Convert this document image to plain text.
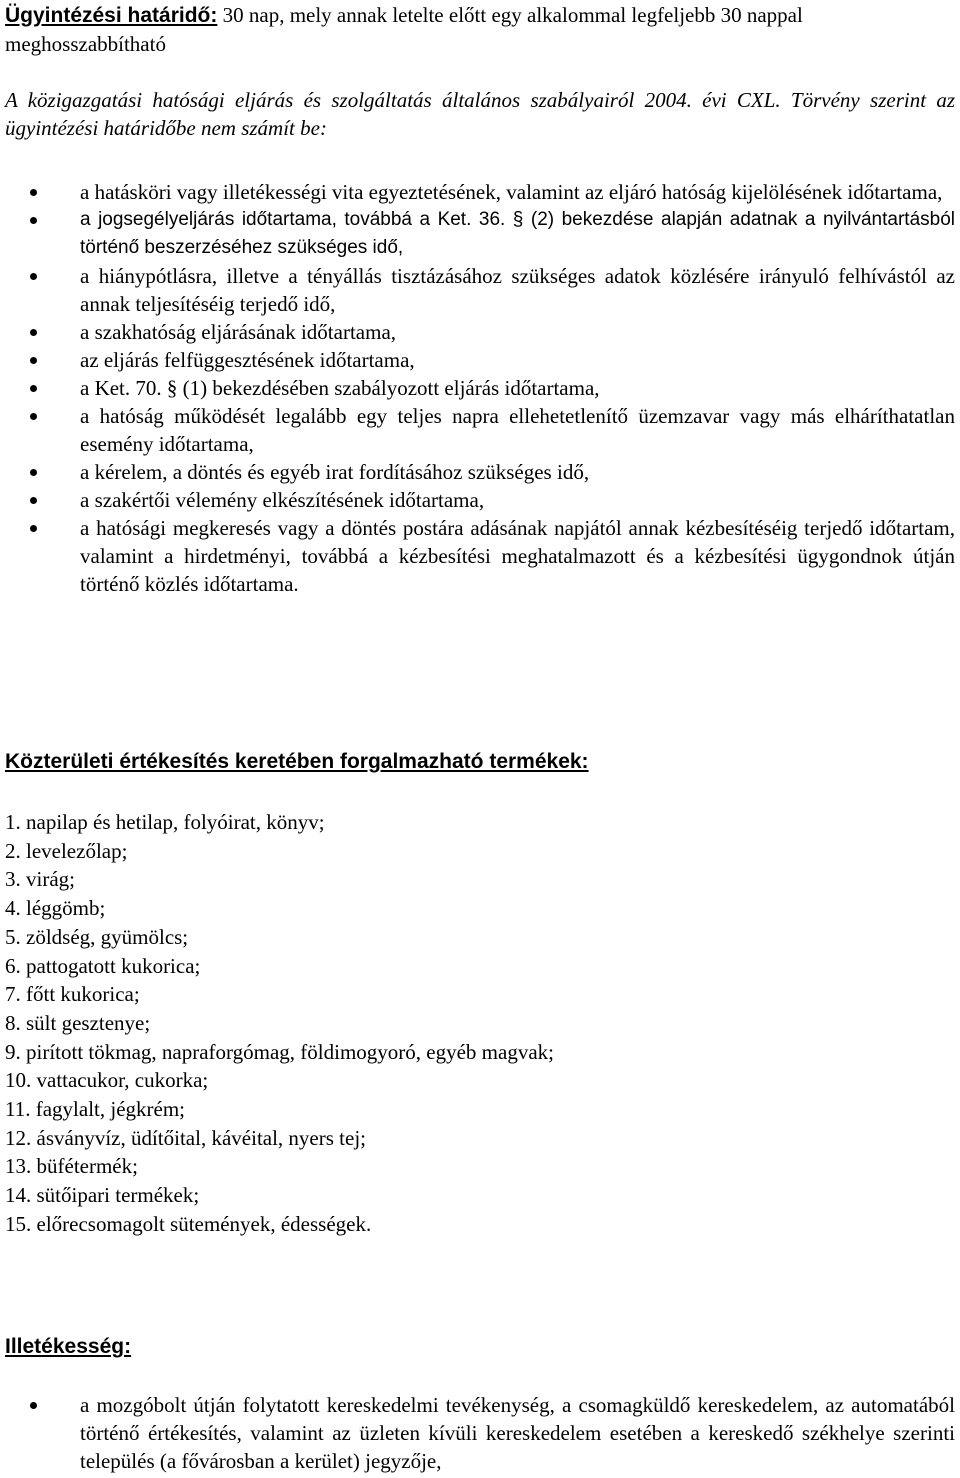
Ügyintézési határidő: 30 nap, mely annak letelte előtt egy alkalommal legfeljebb 30 nappal meghosszabbítható

A közigazgatási hatósági eljárás és szolgáltatás általános szabályairól 2004. évi CXL. Törvény szerint az ügyintézési határidőbe nem számít be:

a hatásköri vagy illetékességi vita egyeztetésének, valamint az eljáró hatóság kijelölésének időtartama,
a jogsegélyeljárás időtartama, továbbá a Ket. 36. § (2) bekezdése alapján adatnak a nyilvántartásból történő beszerzéséhez szükséges idő,
a hiánypótlásra, illetve a tényállás tisztázásához szükséges adatok közlésére irányuló felhívástól az annak teljesítéséig terjedő idő,
a szakhatóság eljárásának időtartama,
az eljárás felfüggesztésének időtartama,
a Ket. 70. § (1) bekezdésében szabályozott eljárás időtartama,
a hatóság működését legalább egy teljes napra ellehetetlenítő üzemzavar vagy más elháríthatatlan esemény időtartama,
a kérelem, a döntés és egyéb irat fordításához szükséges idő,
a szakértői vélemény elkészítésének időtartama,
a hatósági megkeresés vagy a döntés postára adásának napjától annak kézbesítéséig terjedő időtartam, valamint a hirdetményi, továbbá a kézbesítési meghatalmazott és a kézbesítési ügygondnok útján történő közlés időtartama.

Közterületi értékesítés keretében forgalmazható termékek:

1. napilap és hetilap, folyóirat, könyv;
2. levelezőlap;
3. virág;
4. léggömb;
5. zöldség, gyümölcs;
6. pattogatott kukorica;
7. főtt kukorica;
8. sült gesztenye;
9. pirított tökmag, napraforgómag, földimogyoró, egyéb magvak;
10. vattacukor, cukorka;
11. fagylalt, jégkrém;
12. ásványvíz, üdítőital, kávéital, nyers tej;
13. büfétermék;
14. sütőipari termékek;
15. előrecsomagolt sütemények, édességek.

Illetékesség:

a mozgóbolt útján folytatott kereskedelmi tevékenység, a csomagküldő kereskedelem, az automatából történő értékesítés, valamint az üzleten kívüli kereskedelem esetében a kereskedő székhelye szerinti település (a fővárosban a kerület) jegyzője,
